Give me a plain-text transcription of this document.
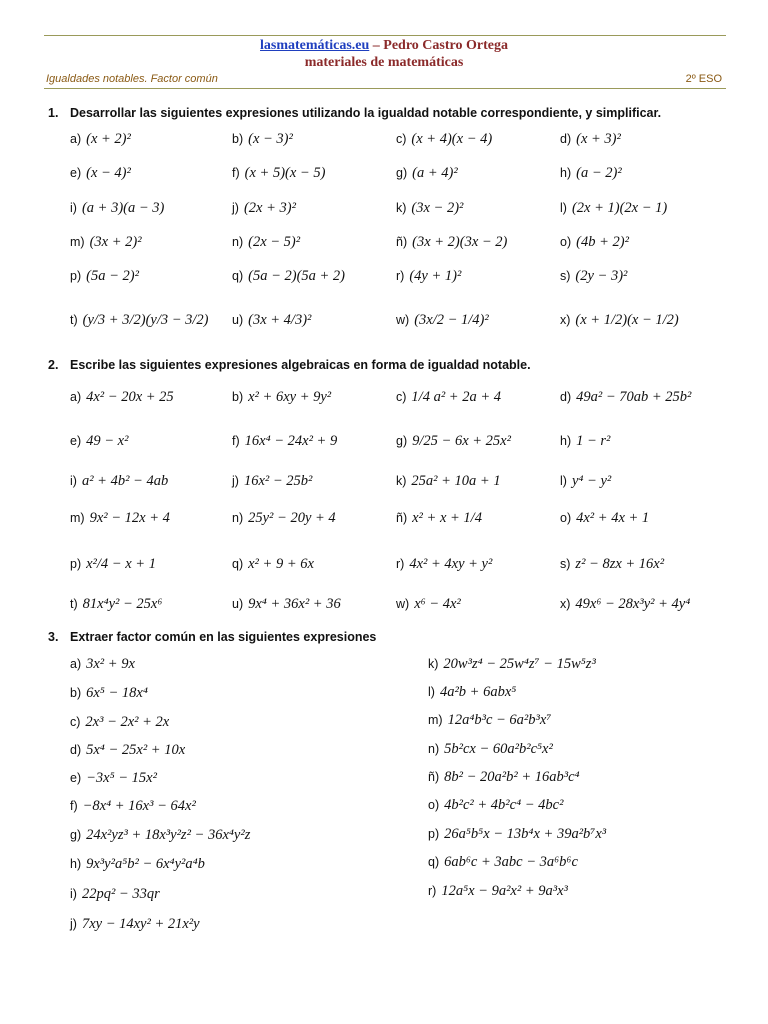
lasmatemáticas.eu – Pedro Castro Ortega
materiales de matemáticas
Igualdades notables. Factor común	2º ESO
1. Desarrollar las siguientes expresiones utilizando la igualdad notable correspondiente, y simplificar.
a) (x + 2)²	b) (x − 3)²	c) (x + 4)(x − 4)	d) (x + 3)²
e) (x − 4)²	f) (x + 5)(x − 5)	g) (a + 4)²	h) (a − 2)²
i) (a + 3)(a − 3)	j) (2x + 3)²	k) (3x − 2)²	l) (2x + 1)(2x − 1)
m) (3x + 2)²	n) (2x − 5)²	ñ) (3x + 2)(3x − 2)	o) (4b + 2)²
p) (5a − 2)²	q) (5a − 2)(5a + 2)	r) (4y + 1)²	s) (2y − 3)²
t) (y/3 + 3/2)(y/3 − 3/2) u) (3x + 4/3)²	w) (3x/2 − 1/4)²	x) (x + 1/2)(x − 1/2)
2. Escribe las siguientes expresiones algebraicas en forma de igualdad notable.
a) 4x² − 20x + 25	b) x² + 6xy + 9y²	c) 1/4 a² + 2a + 4	d) 49a² − 70ab + 25b²
e) 49 − x²	f) 16x⁴ − 24x² + 9	g) 9/25 − 6x + 25x²	h) 1 − r²
i) a² + 4b² − 4ab	j) 16x² − 25b²	k) 25a² + 10a + 1	l) y⁴ − y²
m) 9x² − 12x + 4	n) 25y² − 20y + 4	ñ) x² + x + 1/4	o) 4x² + 4x + 1
p) x²/4 − x + 1	q) x² + 9 + 6x	r) 4x² + 4xy + y²	s) z² − 8zx + 16x²
t) 81x⁴y² − 25x⁶	u) 9x⁴ + 36x² + 36	w) x⁶ − 4x²	x) 49x⁶ − 28x³y² + 4y⁴
3. Extraer factor común en las siguientes expresiones
a) 3x² + 9x
b) 6x⁵ − 18x⁴
c) 2x³ − 2x² + 2x
d) 5x⁴ − 25x² + 10x
e) −3x⁵ − 15x²
f) −8x⁴ + 16x³ − 64x²
g) 24x²yz³ + 18x³y²z² − 36x⁴y²z
h) 9x³y²a⁵b² − 6x⁴y²a⁴b
i) 22pq² − 33qr
j) 7xy − 14xy² + 21x²y
k) 20w³z⁴ − 25w⁴z⁷ − 15w⁵z³
l) 4a²b + 6abx⁵
m) 12a⁴b³c − 6a²b³x⁷
n) 5b²cx − 60a²b²c⁵x²
ñ) 8b² − 20a²b² + 16ab³c⁴
o) 4b²c² + 4b²c⁴ − 4bc²
p) 26a⁵b⁵x − 13b⁴x + 39a²b⁷x³
q) 6ab⁶c + 3abc − 3a⁶b⁶c
r) 12a⁵x − 9a²x² + 9a³x³
